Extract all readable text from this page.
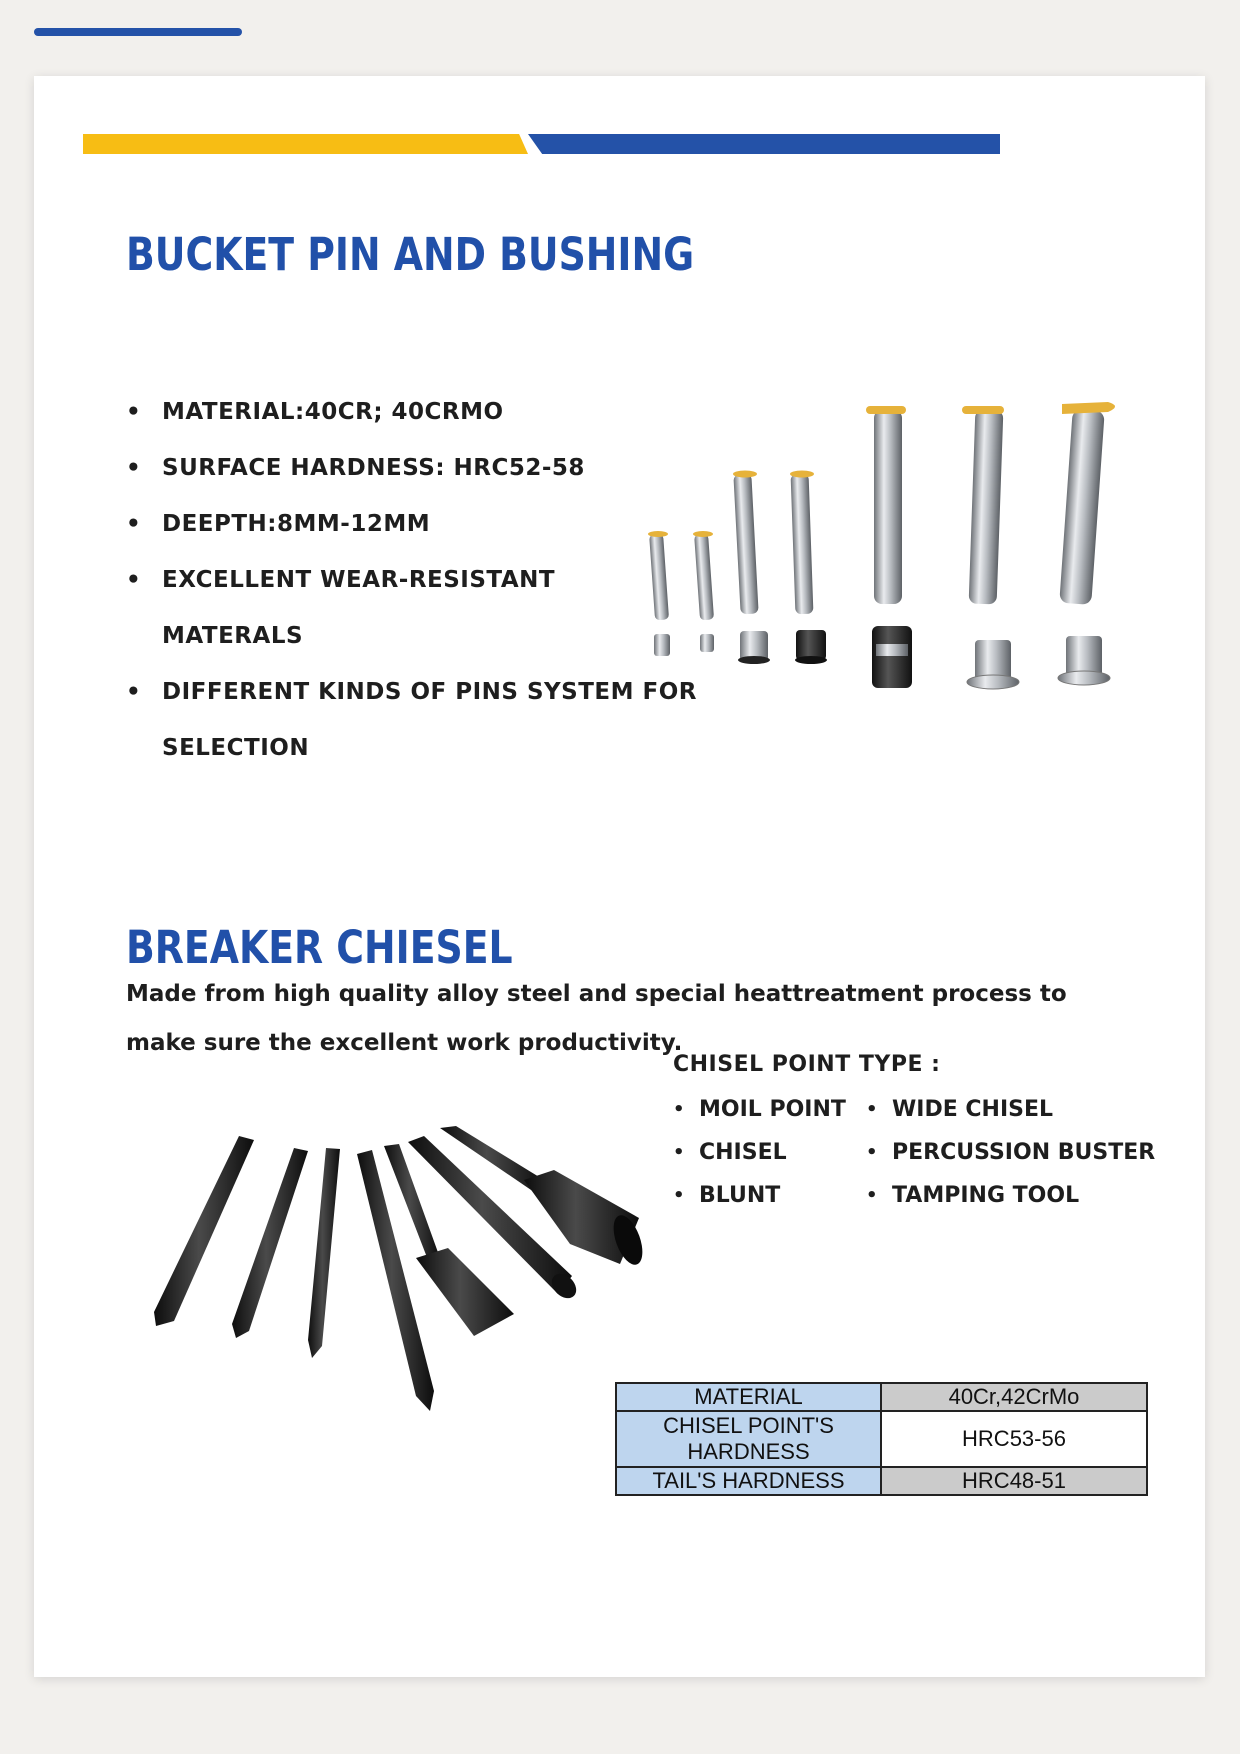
BUCKET PIN AND BUSHING
• MATERIAL:40CR; 40CRMO
• SURFACE HARDNESS: HRC52-58
• DEEPTH:8MM-12MM
• EXCELLENT WEAR-RESISTANT MATERALS
• DIFFERENT KINDS OF PINS SYSTEM FOR SELECTION
BREAKER CHIESEL

Made from high quality alloy steel and special heattreatment process to make sure the excellent work productivity.

CHISEL POINT TYPE :
• MOIL POINT
• CHISEL
• BLUNT
• WIDE CHISEL
• PERCUSSION BUSTER
• TAMPING TOOL
MATERIAL	40Cr,42CrMo
CHISEL POINT'S HARDNESS	HRC53-56
TAIL'S HARDNESS	HRC48-51
